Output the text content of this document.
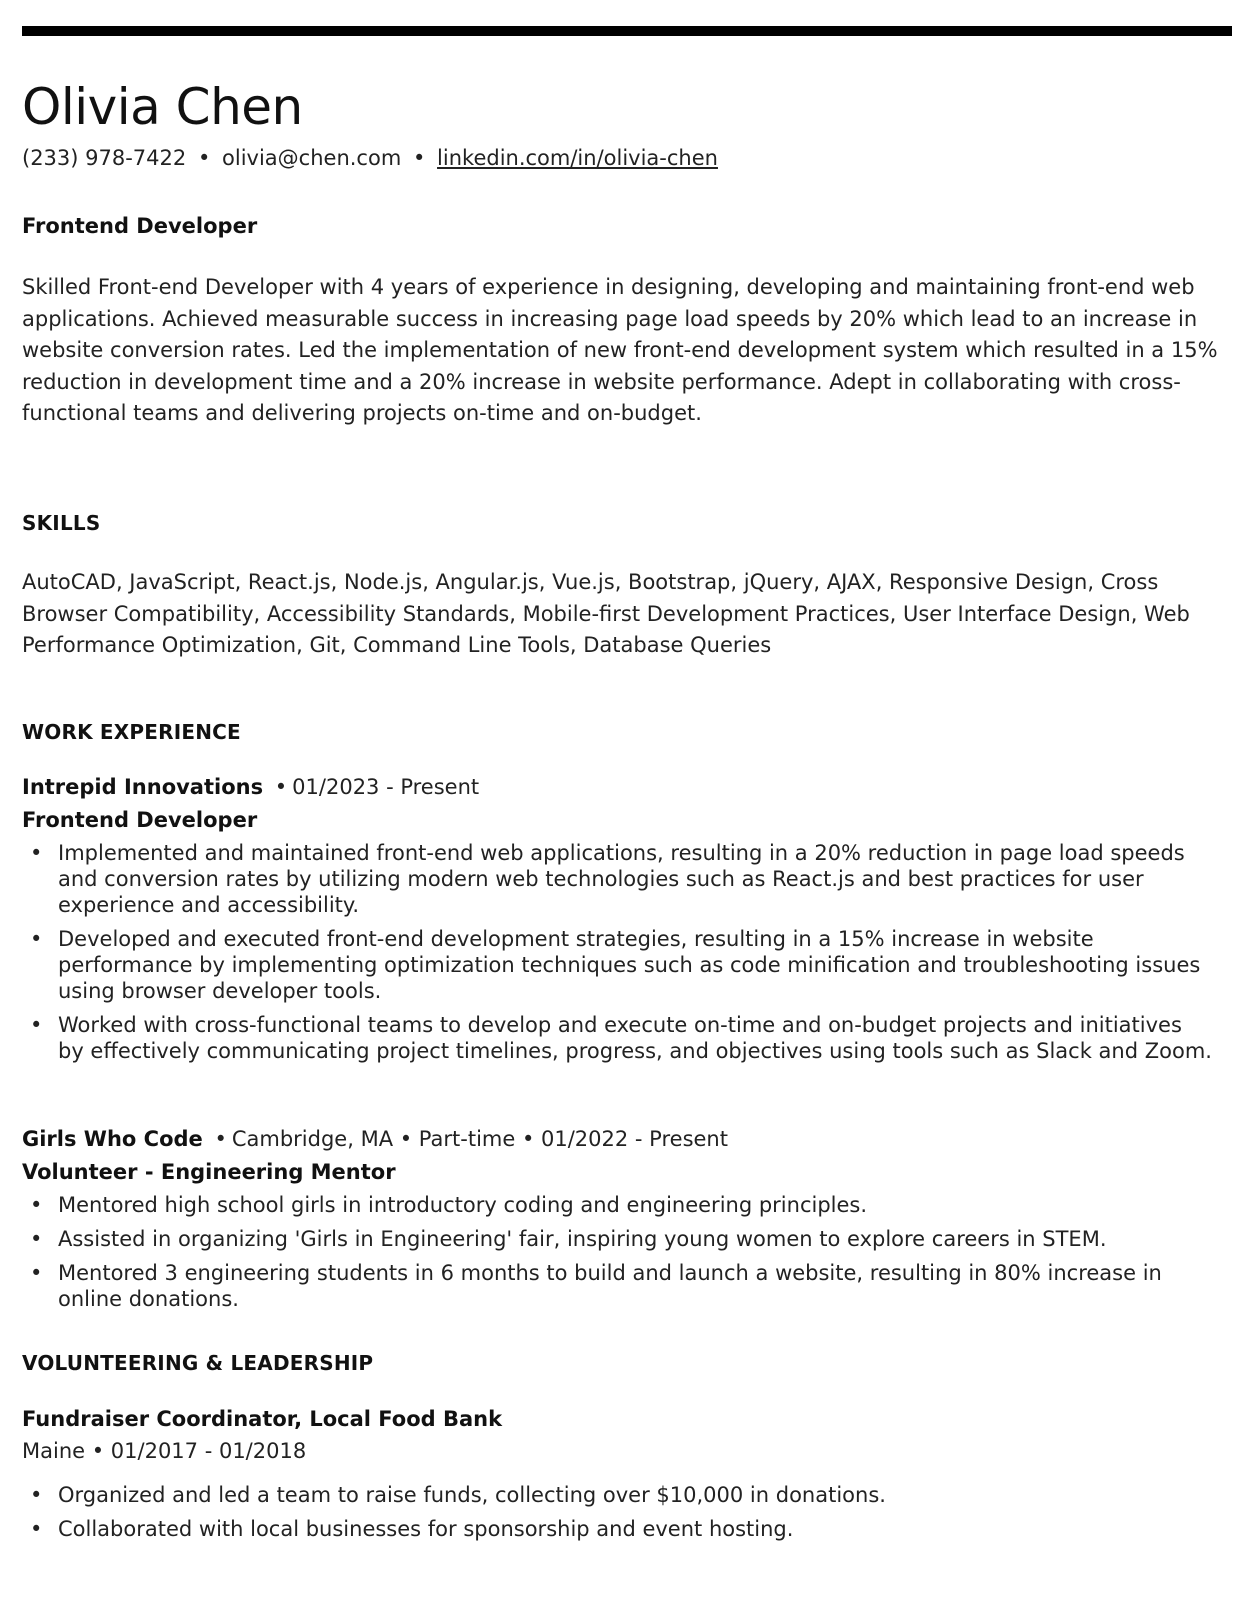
Olivia Chen
(233) 978-7422 • olivia@chen.com • linkedin.com/in/olivia-chen
Frontend Developer

Skilled Front-end Developer with 4 years of experience in designing, developing and maintaining front-end web applications. Achieved measurable success in increasing page load speeds by 20% which lead to an increase in website conversion rates. Led the implementation of new front-end development system which resulted in a 15% reduction in development time and a 20% increase in website performance. Adept in collaborating with cross-functional teams and delivering projects on-time and on-budget.

SKILLS

AutoCAD, JavaScript, React.js, Node.js, Angular.js, Vue.js, Bootstrap, jQuery, AJAX, Responsive Design, Cross Browser Compatibility, Accessibility Standards, Mobile-first Development Practices, User Interface Design, Web Performance Optimization, Git, Command Line Tools, Database Queries

WORK EXPERIENCE
Intrepid Innovations • 01/2023 - Present
Frontend Developer
• Implemented and maintained front-end web applications, resulting in a 20% reduction in page load speeds and conversion rates by utilizing modern web technologies such as React.js and best practices for user experience and accessibility.
• Developed and executed front-end development strategies, resulting in a 15% increase in website performance by implementing optimization techniques such as code minification and troubleshooting issues using browser developer tools.
• Worked with cross-functional teams to develop and execute on-time and on-budget projects and initiatives by effectively communicating project timelines, progress, and objectives using tools such as Slack and Zoom.
Girls Who Code • Cambridge, MA • Part-time • 01/2022 - Present
Volunteer - Engineering Mentor
• Mentored high school girls in introductory coding and engineering principles.
• Assisted in organizing 'Girls in Engineering' fair, inspiring young women to explore careers in STEM.
• Mentored 3 engineering students in 6 months to build and launch a website, resulting in 80% increase in online donations.
VOLUNTEERING & LEADERSHIP
Fundraiser Coordinator, Local Food Bank
Maine • 01/2017 - 01/2018
• Organized and led a team to raise funds, collecting over $10,000 in donations.
• Collaborated with local businesses for sponsorship and event hosting.
